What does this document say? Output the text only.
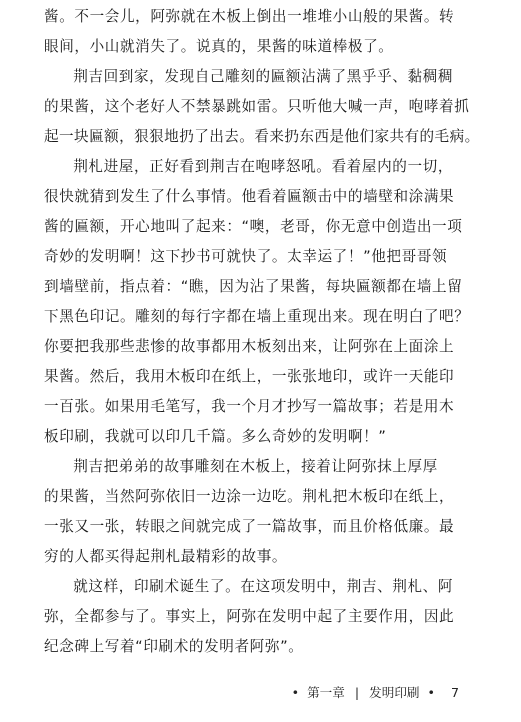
酱。不一会儿，阿弥就在木板上倒出一堆堆小山般的果酱。转
眼间，小山就消失了。说真的，果酱的味道棒极了。
荆吉回到家，发现自己雕刻的匾额沾满了黑乎乎、黏稠稠
的果酱，这个老好人不禁暴跳如雷。只听他大喊一声，咆哮着抓
起一块匾额，狠狠地扔了出去。看来扔东西是他们家共有的毛病。
荆札进屋，正好看到荆吉在咆哮怒吼。看着屋内的一切，
很快就猜到发生了什么事情。他看着匾额击中的墙壁和涂满果
酱的匾额，开心地叫了起来：“噢，老哥，你无意中创造出一项
奇妙的发明啊！这下抄书可就快了。太幸运了！”他把哥哥领
到墙壁前，指点着：“瞧，因为沾了果酱，每块匾额都在墙上留
下黑色印记。雕刻的每行字都在墙上重现出来。现在明白了吧？
你要把我那些悲惨的故事都用木板刻出来，让阿弥在上面涂上
果酱。然后，我用木板印在纸上，一张张地印，或许一天能印
一百张。如果用毛笔写，我一个月才抄写一篇故事；若是用木
板印刷，我就可以印几千篇。多么奇妙的发明啊！”
荆吉把弟弟的故事雕刻在木板上，接着让阿弥抹上厚厚
的果酱，当然阿弥依旧一边涂一边吃。荆札把木板印在纸上，
一张又一张，转眼之间就完成了一篇故事，而且价格低廉。最
穷的人都买得起荆札最精彩的故事。
就这样，印刷术诞生了。在这项发明中，荆吉、荆札、阿
弥，全都参与了。事实上，阿弥在发明中起了主要作用，因此
纪念碑上写着“印刷术的发明者阿弥”。
• 第一章 | 发明印刷 • 7
